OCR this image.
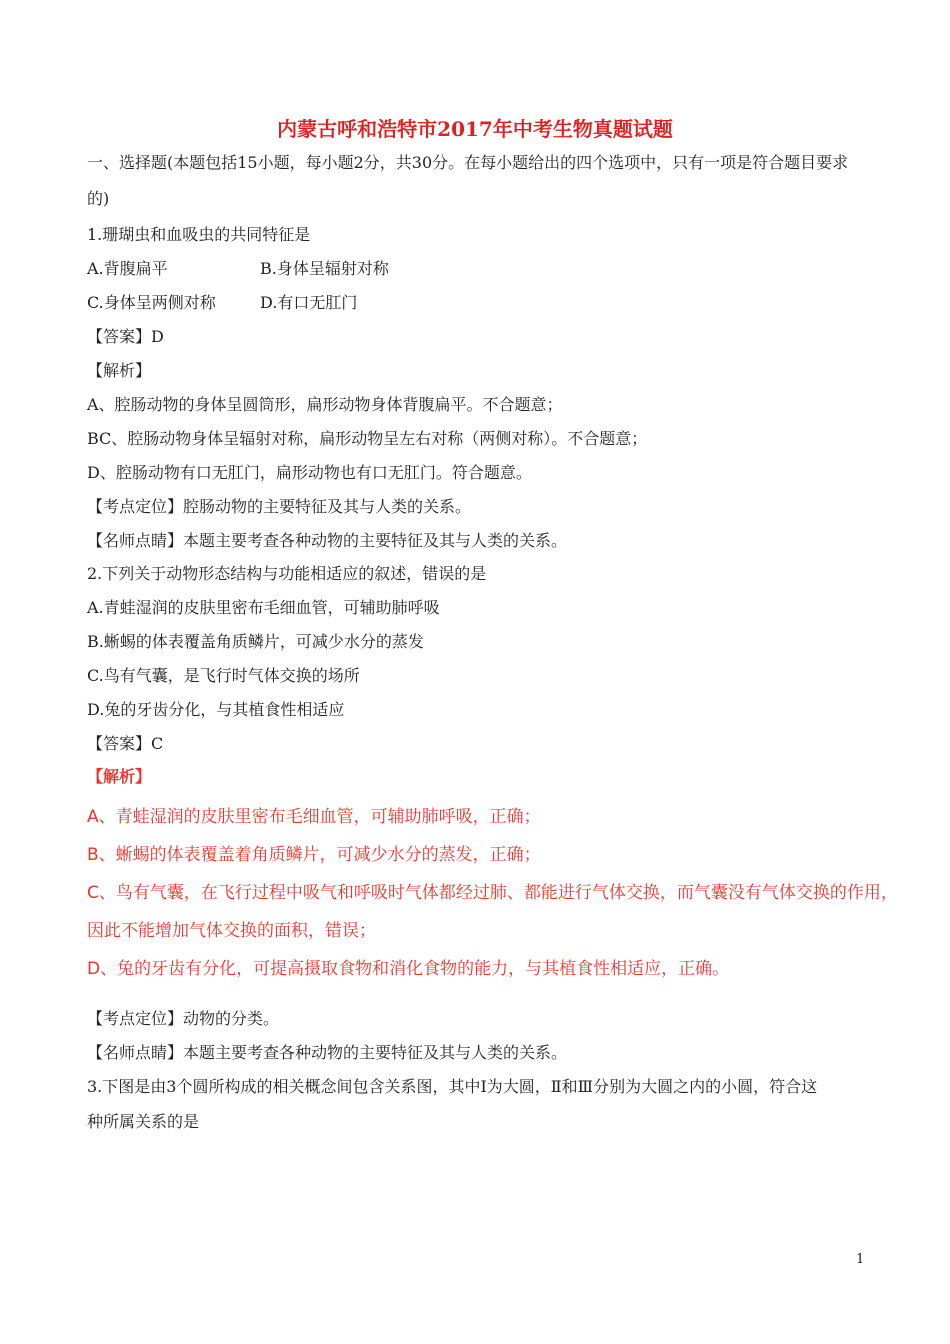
内蒙古呼和浩特市2017年中考生物真题试题
一、选择题(本题包括15小题，每小题2分，共30分。在每小题给出的四个选项中，只有一项是符合题目要求
的)
1.珊瑚虫和血吸虫的共同特征是
A.背腹扁平	B.身体呈辐射对称
C.身体呈两侧对称	D.有口无肛门
【答案】D
【解析】
A、腔肠动物的身体呈圆筒形，扁形动物身体背腹扁平。不合题意；
BC、腔肠动物身体呈辐射对称，扁形动物呈左右对称（两侧对称）。不合题意；
D、腔肠动物有口无肛门，扁形动物也有口无肛门。符合题意。
【考点定位】腔肠动物的主要特征及其与人类的关系。
【名师点睛】本题主要考查各种动物的主要特征及其与人类的关系。
2.下列关于动物形态结构与功能相适应的叙述，错误的是
A.青蛙湿润的皮肤里密布毛细血管，可辅助肺呼吸
B.蜥蜴的体表覆盖角质鳞片，可减少水分的蒸发
C.鸟有气囊，是飞行时气体交换的场所
D.兔的牙齿分化，与其植食性相适应
【答案】C
【解析】
A、青蛙湿润的皮肤里密布毛细血管，可辅助肺呼吸，正确；
B、蜥蜴的体表覆盖着角质鳞片，可减少水分的蒸发，正确；
C、鸟有气囊，在飞行过程中吸气和呼吸时气体都经过肺、都能进行气体交换，而气囊没有气体交换的作用，
因此不能增加气体交换的面积，错误；
D、兔的牙齿有分化，可提高摄取食物和消化食物的能力，与其植食性相适应，正确。
【考点定位】动物的分类。
【名师点睛】本题主要考查各种动物的主要特征及其与人类的关系。
3.下图是由3个圆所构成的相关概念间包含关系图，其中Ⅰ为大圆，Ⅱ和Ⅲ分别为大圆之内的小圆，符合这
种所属关系的是
1
